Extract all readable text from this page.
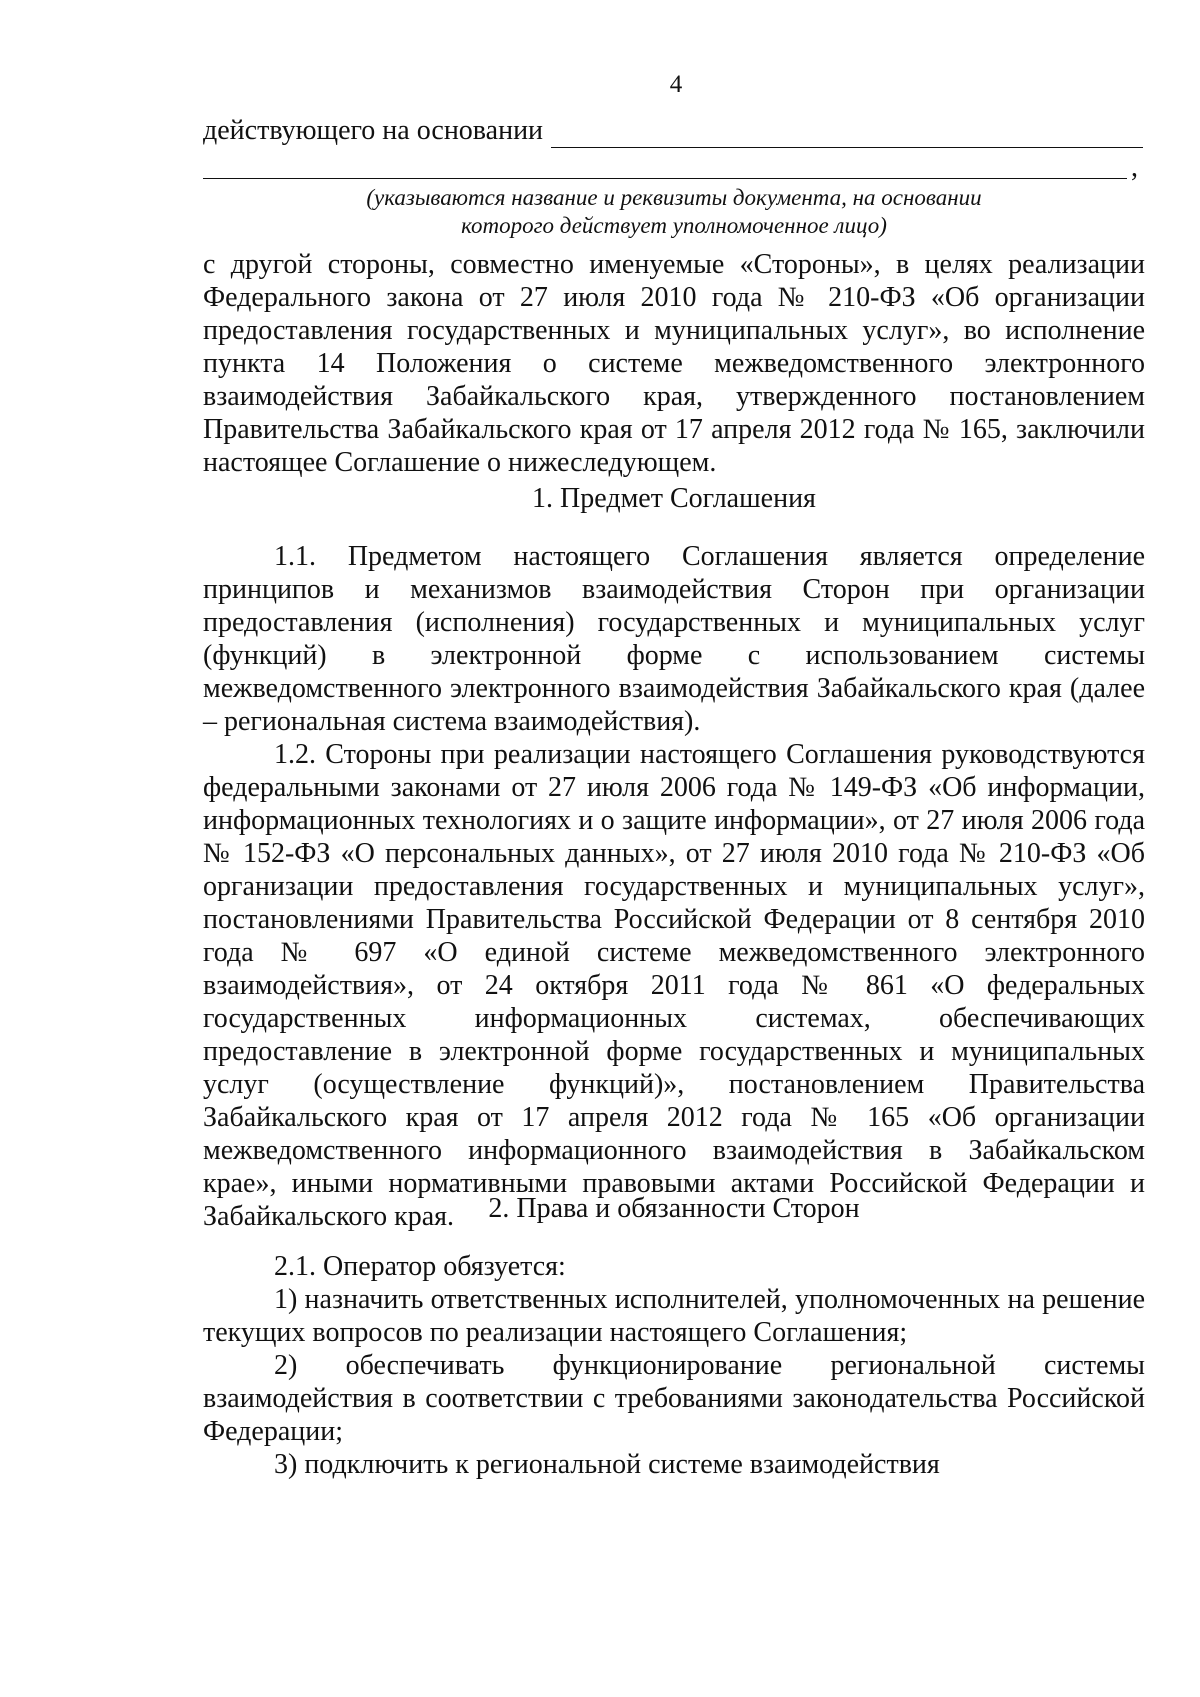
4
действующего на основании
,
(указываются название и реквизиты документа, на основании
которого действует уполномоченное лицо)

с другой стороны, совместно именуемые «Стороны», в целях реализации Федерального закона от 27 июля 2010 года № 210-ФЗ «Об организации предоставления государственных и муниципальных услуг», во исполнение пункта 14 Положения о системе межведомственного электронного взаимодействия Забайкальского края, утвержденного постановлением Правительства Забайкальского края от 17 апреля 2012 года № 165, заключили настоящее Соглашение о нижеследующем.

1. Предмет Соглашения

1.1. Предметом настоящего Соглашения является определение принципов и механизмов взаимодействия Сторон при организации предоставления (исполнения) государственных и муниципальных услуг (функций) в электронной форме с использованием системы межведомственного электронного взаимодействия Забайкальского края (далее – региональная система взаимодействия).

1.2. Стороны при реализации настоящего Соглашения руководствуются федеральными законами от 27 июля 2006 года № 149-ФЗ «Об информации, информационных технологиях и о защите информации», от 27 июля 2006 года № 152-ФЗ «О персональных данных», от 27 июля 2010 года № 210-ФЗ «Об организации предоставления государственных и муниципальных услуг», постановлениями Правительства Российской Федерации от 8 сентября 2010 года № 697 «О единой системе межведомственного электронного взаимодействия», от 24 октября 2011 года № 861 «О федеральных государственных информационных системах, обеспечивающих предоставление в электронной форме государственных и муниципальных услуг (осуществление функций)», постановлением Правительства Забайкальского края от 17 апреля 2012 года № 165 «Об организации межведомственного информационного взаимодействия в Забайкальском крае», иными нормативными правовыми актами Российской Федерации и Забайкальского края.	2. Права и обязанности Сторон

2.1. Оператор обязуется:

1) назначить ответственных исполнителей, уполномоченных на решение текущих вопросов по реализации настоящего Соглашения;

2) обеспечивать функционирование региональной системы взаимодействия в соответствии с требованиями законодательства Российской Федерации;

3) подключить к региональной системе взаимодействия
